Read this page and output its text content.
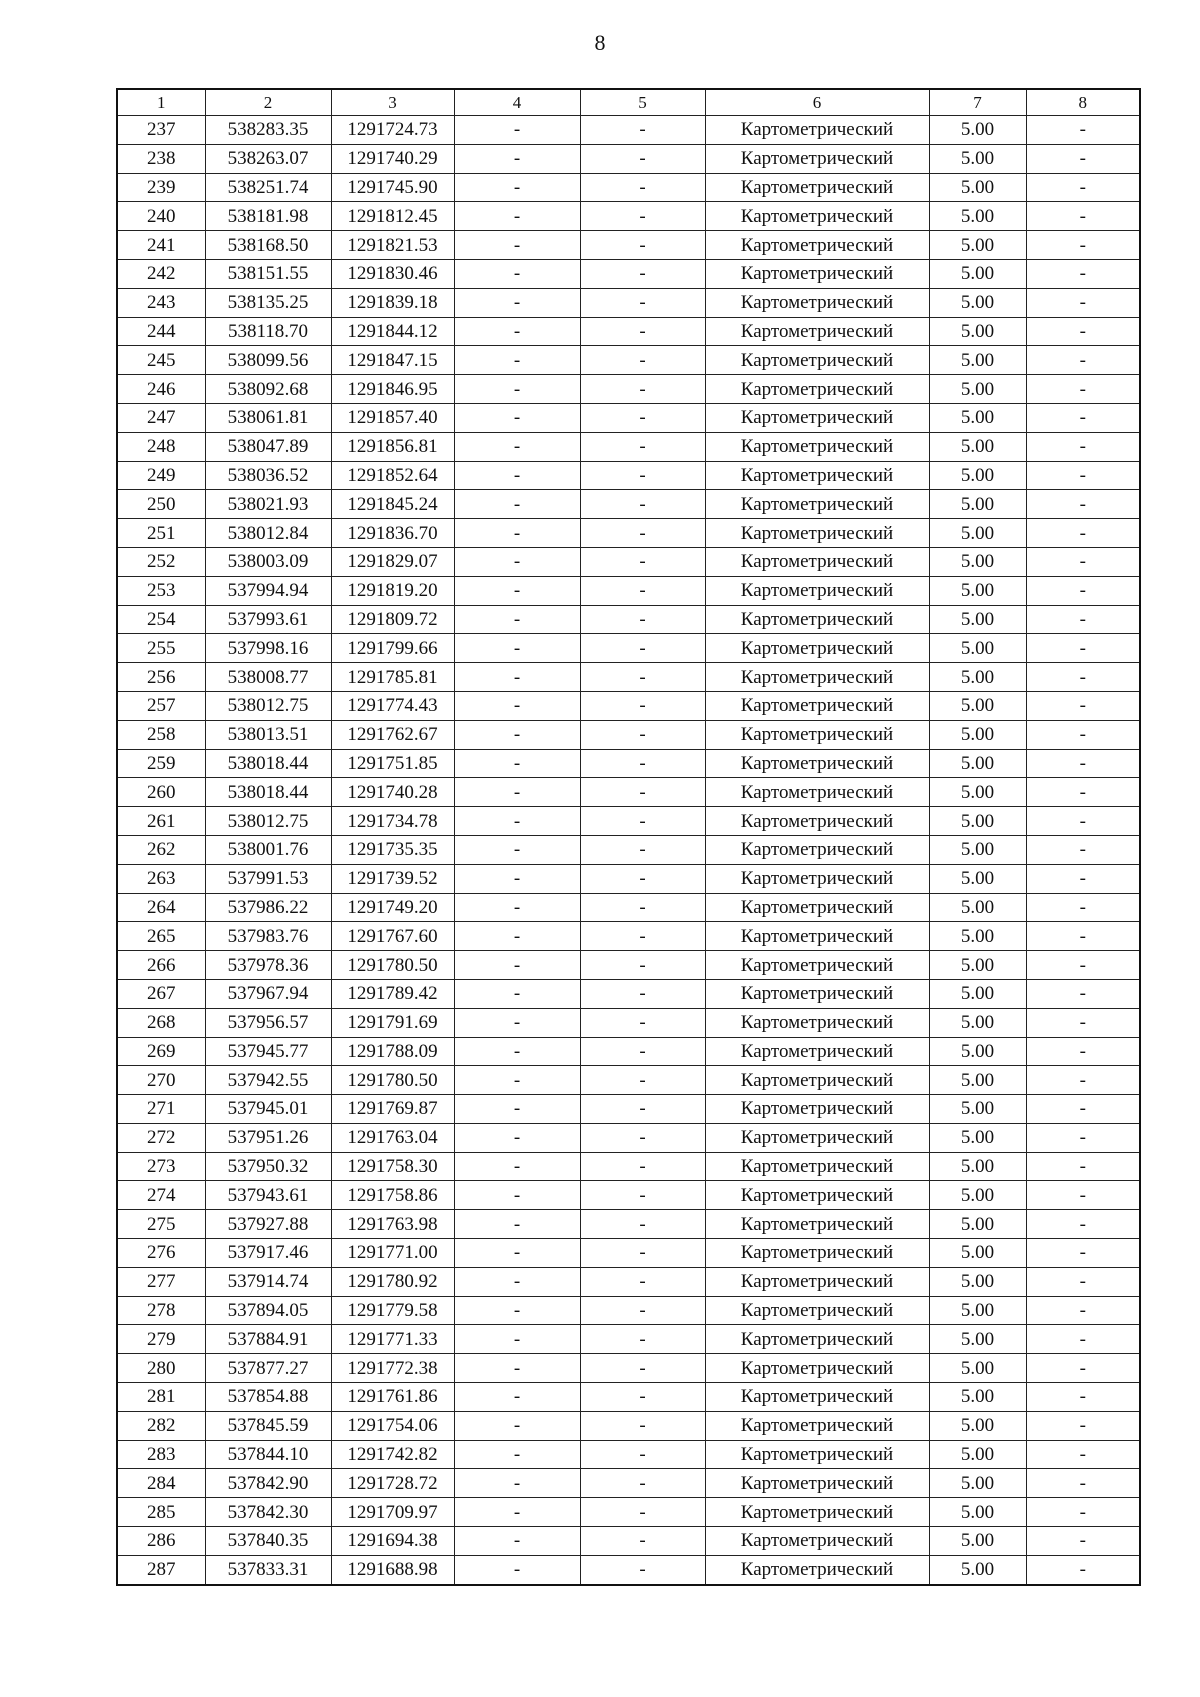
8
1	2	3	4	5	6	7	8
237	538283.35	1291724.73	-	-	Картометрический	5.00	-
238	538263.07	1291740.29	-	-	Картометрический	5.00	-
239	538251.74	1291745.90	-	-	Картометрический	5.00	-
240	538181.98	1291812.45	-	-	Картометрический	5.00	-
241	538168.50	1291821.53	-	-	Картометрический	5.00	-
242	538151.55	1291830.46	-	-	Картометрический	5.00	-
243	538135.25	1291839.18	-	-	Картометрический	5.00	-
244	538118.70	1291844.12	-	-	Картометрический	5.00	-
245	538099.56	1291847.15	-	-	Картометрический	5.00	-
246	538092.68	1291846.95	-	-	Картометрический	5.00	-
247	538061.81	1291857.40	-	-	Картометрический	5.00	-
248	538047.89	1291856.81	-	-	Картометрический	5.00	-
249	538036.52	1291852.64	-	-	Картометрический	5.00	-
250	538021.93	1291845.24	-	-	Картометрический	5.00	-
251	538012.84	1291836.70	-	-	Картометрический	5.00	-
252	538003.09	1291829.07	-	-	Картометрический	5.00	-
253	537994.94	1291819.20	-	-	Картометрический	5.00	-
254	537993.61	1291809.72	-	-	Картометрический	5.00	-
255	537998.16	1291799.66	-	-	Картометрический	5.00	-
256	538008.77	1291785.81	-	-	Картометрический	5.00	-
257	538012.75	1291774.43	-	-	Картометрический	5.00	-
258	538013.51	1291762.67	-	-	Картометрический	5.00	-
259	538018.44	1291751.85	-	-	Картометрический	5.00	-
260	538018.44	1291740.28	-	-	Картометрический	5.00	-
261	538012.75	1291734.78	-	-	Картометрический	5.00	-
262	538001.76	1291735.35	-	-	Картометрический	5.00	-
263	537991.53	1291739.52	-	-	Картометрический	5.00	-
264	537986.22	1291749.20	-	-	Картометрический	5.00	-
265	537983.76	1291767.60	-	-	Картометрический	5.00	-
266	537978.36	1291780.50	-	-	Картометрический	5.00	-
267	537967.94	1291789.42	-	-	Картометрический	5.00	-
268	537956.57	1291791.69	-	-	Картометрический	5.00	-
269	537945.77	1291788.09	-	-	Картометрический	5.00	-
270	537942.55	1291780.50	-	-	Картометрический	5.00	-
271	537945.01	1291769.87	-	-	Картометрический	5.00	-
272	537951.26	1291763.04	-	-	Картометрический	5.00	-
273	537950.32	1291758.30	-	-	Картометрический	5.00	-
274	537943.61	1291758.86	-	-	Картометрический	5.00	-
275	537927.88	1291763.98	-	-	Картометрический	5.00	-
276	537917.46	1291771.00	-	-	Картометрический	5.00	-
277	537914.74	1291780.92	-	-	Картометрический	5.00	-
278	537894.05	1291779.58	-	-	Картометрический	5.00	-
279	537884.91	1291771.33	-	-	Картометрический	5.00	-
280	537877.27	1291772.38	-	-	Картометрический	5.00	-
281	537854.88	1291761.86	-	-	Картометрический	5.00	-
282	537845.59	1291754.06	-	-	Картометрический	5.00	-
283	537844.10	1291742.82	-	-	Картометрический	5.00	-
284	537842.90	1291728.72	-	-	Картометрический	5.00	-
285	537842.30	1291709.97	-	-	Картометрический	5.00	-
286	537840.35	1291694.38	-	-	Картометрический	5.00	-
287	537833.31	1291688.98	-	-	Картометрический	5.00	-
